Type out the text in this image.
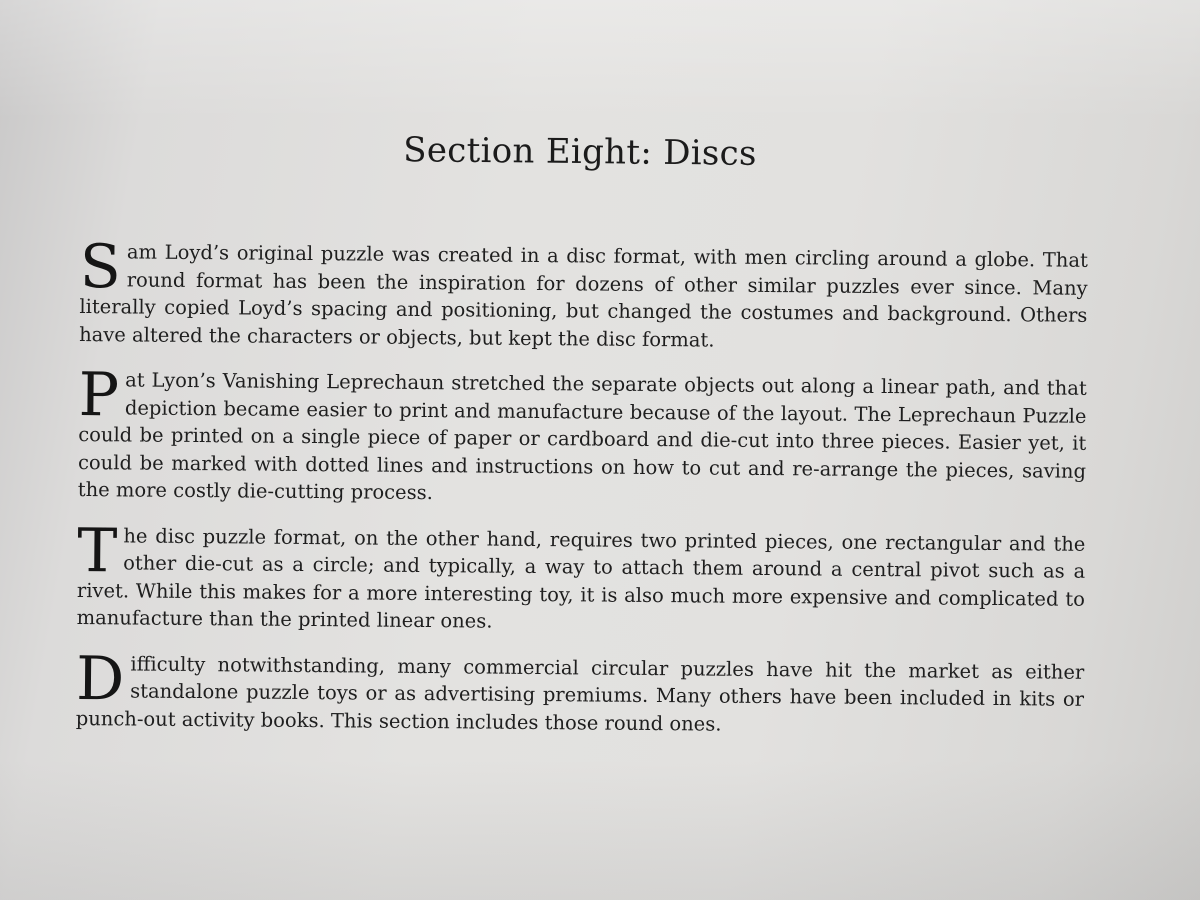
Section Eight: Discs

Sam Loyd’s original puzzle was created in a disc format, with men circling around a globe. That round format has been the inspiration for dozens of other similar puzzles ever since. Many literally copied Loyd’s spacing and positioning, but changed the costumes and background. Others have altered the characters or objects, but kept the disc format.

Pat Lyon’s Vanishing Leprechaun stretched the separate objects out along a linear path, and that depiction became easier to print and manufacture because of the layout. The Leprechaun Puzzle could be printed on a single piece of paper or cardboard and die-cut into three pieces. Easier yet, it could be marked with dotted lines and instructions on how to cut and re-arrange the pieces, saving the more costly die-cutting process.

The disc puzzle format, on the other hand, requires two printed pieces, one rectangular and the other die-cut as a circle; and typically, a way to attach them around a central pivot such as a rivet. While this makes for a more interesting toy, it is also much more expensive and complicated to manufacture than the printed linear ones.

Difficulty notwithstanding, many commercial circular puzzles have hit the market as either standalone puzzle toys or as advertising premiums. Many others have been included in kits or punch-out activity books. This section includes those round ones.
